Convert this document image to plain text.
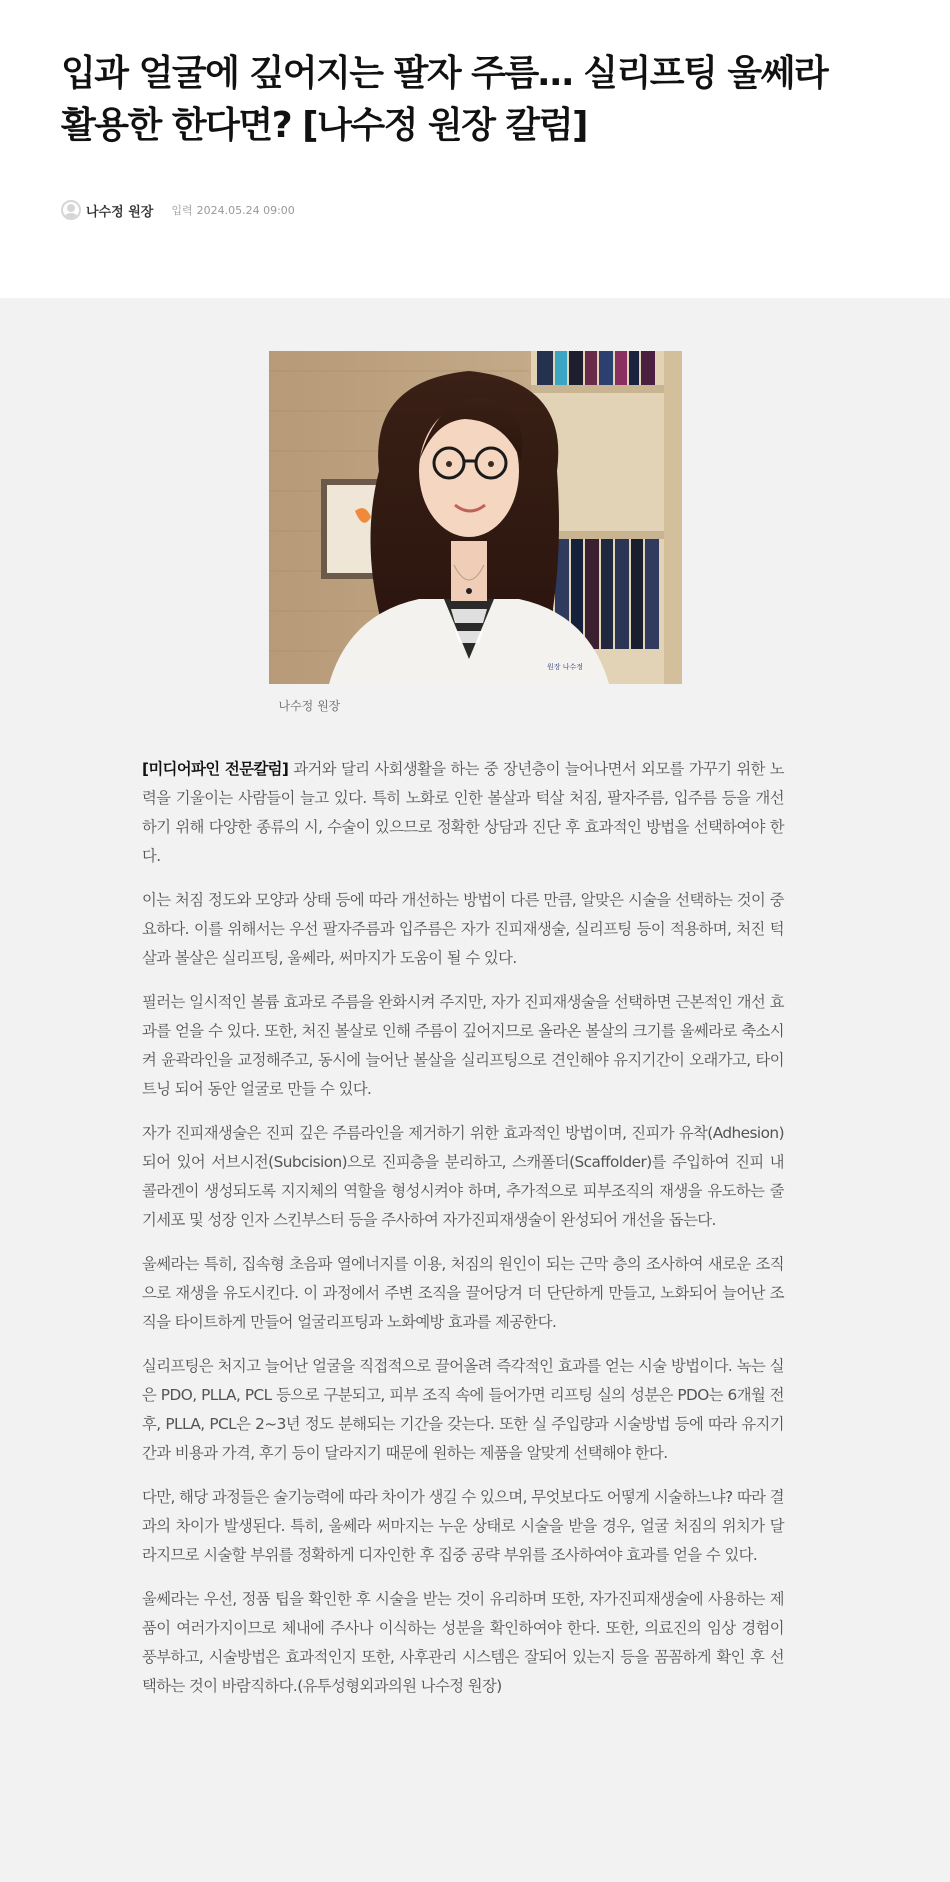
입과 얼굴에 깊어지는 팔자 주름… 실리프팅 울쎄라 활용한 한다면? [나수정 원장 칼럼]
나수정 원장 입력 2024.05.24 09:00
원장 나수정
나수정 원장

[미디어파인 전문칼럼] 과거와 달리 사회생활을 하는 중 장년층이 늘어나면서 외모를 가꾸기 위한 노력을 기울이는 사람들이 늘고 있다. 특히 노화로 인한 볼살과 턱살 처짐, 팔자주름, 입주름 등을 개선하기 위해 다양한 종류의 시, 수술이 있으므로 정확한 상담과 진단 후 효과적인 방법을 선택하여야 한다.

이는 처짐 정도와 모양과 상태 등에 따라 개선하는 방법이 다른 만큼, 알맞은 시술을 선택하는 것이 중요하다. 이를 위해서는 우선 팔자주름과 입주름은 자가 진피재생술, 실리프팅 등이 적용하며, 처진 턱살과 볼살은 실리프팅, 울쎄라, 써마지가 도움이 될 수 있다.

필러는 일시적인 볼륨 효과로 주름을 완화시켜 주지만, 자가 진피재생술을 선택하면 근본적인 개선 효과를 얻을 수 있다. 또한, 처진 볼살로 인해 주름이 깊어지므로 올라온 볼살의 크기를 울쎄라로 축소시켜 윤곽라인을 교정해주고, 동시에 늘어난 볼살을 실리프팅으로 견인해야 유지기간이 오래가고, 타이트닝 되어 동안 얼굴로 만들 수 있다.

자가 진피재생술은 진피 깊은 주름라인을 제거하기 위한 효과적인 방법이며, 진피가 유착(Adhesion)되어 있어 서브시전(Subcision)으로 진피층을 분리하고, 스캐폴더(Scaffolder)를 주입하여 진피 내 콜라겐이 생성되도록 지지체의 역할을 형성시켜야 하며, 추가적으로 피부조직의 재생을 유도하는 줄기세포 및 성장 인자 스킨부스터 등을 주사하여 자가진피재생술이 완성되어 개선을 돕는다.

울쎄라는 특히, 집속형 초음파 열에너지를 이용, 처짐의 원인이 되는 근막 층의 조사하여 새로운 조직으로 재생을 유도시킨다. 이 과정에서 주변 조직을 끌어당겨 더 단단하게 만들고, 노화되어 늘어난 조직을 타이트하게 만들어 얼굴리프팅과 노화예방 효과를 제공한다.

실리프팅은 처지고 늘어난 얼굴을 직접적으로 끌어올려 즉각적인 효과를 얻는 시술 방법이다. 녹는 실은 PDO, PLLA, PCL 등으로 구분되고, 피부 조직 속에 들어가면 리프팅 실의 성분은 PDO는 6개월 전후, PLLA, PCL은 2~3년 정도 분해되는 기간을 갖는다. 또한 실 주입량과 시술방법 등에 따라 유지기간과 비용과 가격, 후기 등이 달라지기 때문에 원하는 제품을 알맞게 선택해야 한다.

다만, 해당 과정들은 술기능력에 따라 차이가 생길 수 있으며, 무엇보다도 어떻게 시술하느냐? 따라 결과의 차이가 발생된다. 특히, 울쎄라 써마지는 누운 상태로 시술을 받을 경우, 얼굴 처짐의 위치가 달라지므로 시술할 부위를 정확하게 디자인한 후 집중 공략 부위를 조사하여야 효과를 얻을 수 있다.

울쎄라는 우선, 정품 팁을 확인한 후 시술을 받는 것이 유리하며 또한, 자가진피재생술에 사용하는 제품이 여러가지이므로 체내에 주사나 이식하는 성분을 확인하여야 한다. 또한, 의료진의 임상 경험이 풍부하고, 시술방법은 효과적인지 또한, 사후관리 시스템은 잘되어 있는지 등을 꼼꼼하게 확인 후 선택하는 것이 바람직하다.(유투성형외과의원 나수정 원장)
